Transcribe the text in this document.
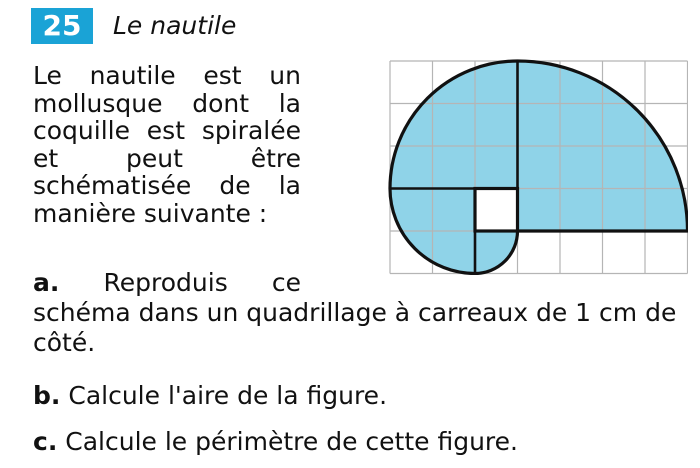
25	Le nautile
Le nautile est un mollusque dont la coquille est spiralée et peut être schématisée de la manière suivante :
a. Reproduis ce
schéma dans un quadrillage à carreaux de 1 cm de côté.
b. Calcule l'aire de la figure.
c. Calcule le périmètre de cette figure.
